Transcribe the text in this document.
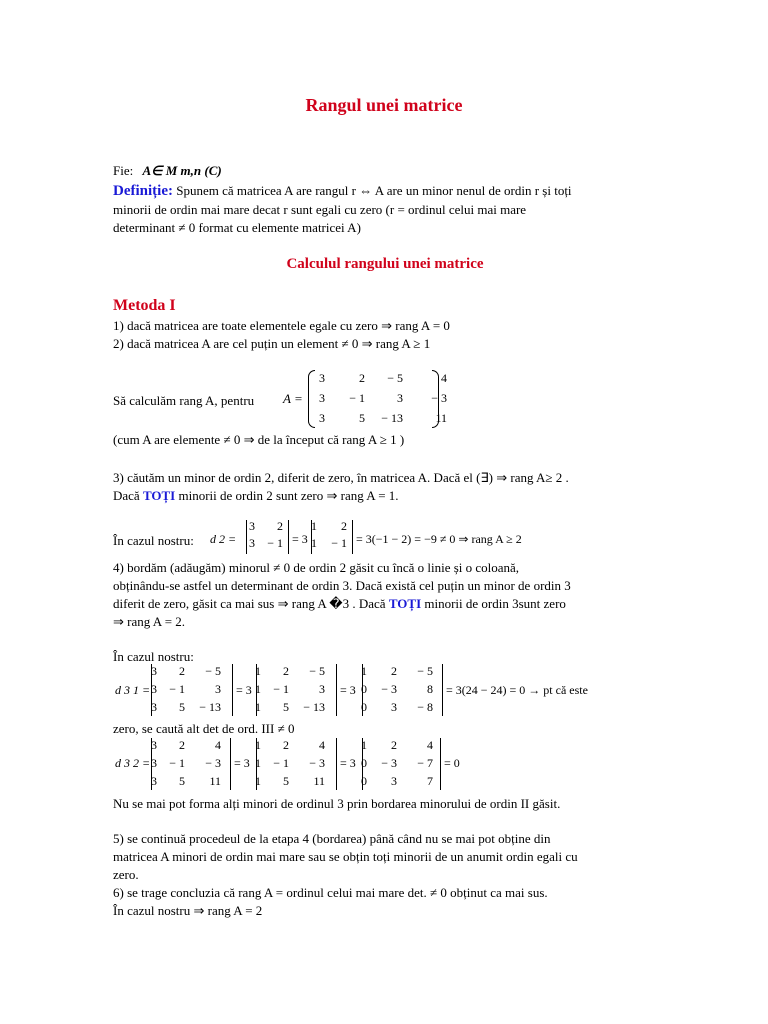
Rangul unei matrice
Fie: A∈ M m,n (C)
Definiție: Spunem că matricea A are rangul r ⇔ A are un minor nenul de ordin r și toți
minorii de ordin mai mare decat r sunt egali cu zero (r = ordinul celui mai mare
determinant ≠ 0 format cu elemente matricei A)
Calculul rangului unei matrice
Metoda I
1) dacă matricea are toate elementele egale cu zero ⇒ rang A = 0
2) dacă matricea A are cel puțin un element ≠ 0 ⇒ rang A ≥ 1
Să calculăm rang A, pentru A =
3	2	− 5	4
3	− 1	3	− 3
3	5	− 13	11
(cum A are elemente ≠ 0 ⇒ de la început că rang A ≥ 1 )
3) căutăm un minor de ordin 2, diferit de zero, în matricea A. Dacă el (∃) ⇒ rang A≥ 2 .
Dacă TOȚI minorii de ordin 2 sunt zero ⇒ rang A = 1.
În cazul nostru: d 2 =
3	2
3	− 1 = 3
1	2
1	− 1 = 3(−1 − 2) = −9 ≠ 0 ⇒ rang A ≥ 2
4) bordăm (adăugăm) minorul ≠ 0 de ordin 2 găsit cu încă o linie și o coloană,
obținându-se astfel un determinant de ordin 3. Dacă există cel puțin un minor de ordin 3
diferit de zero, găsit ca mai sus ⇒ rang A �3 . Dacă TOȚI minorii de ordin 3sunt zero
⇒ rang A = 2.
În cazul nostru:
d 3 1 =
3	2	− 5
3	− 1	3
3	5	− 13
= 3
1	2	− 5
1	− 1	3
1	5	− 13
= 3
1	2	− 5
0	− 3	8
0	3	− 8
= 3(24 − 24) = 0 → pt că este
zero, se caută alt det de ord. III ≠ 0
d 3 2 =
3	2	4
3	− 1	− 3
3	5	11
= 3
1	2	4
1	− 1	− 3
1	5	11
= 3
1	2	4
0	− 3	− 7
0	3	7
= 0
Nu se mai pot forma alți minori de ordinul 3 prin bordarea minorului de ordin II găsit.
5) se continuă procedeul de la etapa 4 (bordarea) până când nu se mai pot obține din
matricea A minori de ordin mai mare sau se obțin toți minorii de un anumit ordin egali cu
zero.
6) se trage concluzia că rang A = ordinul celui mai mare det. ≠ 0 obținut ca mai sus.
În cazul nostru ⇒ rang A = 2
